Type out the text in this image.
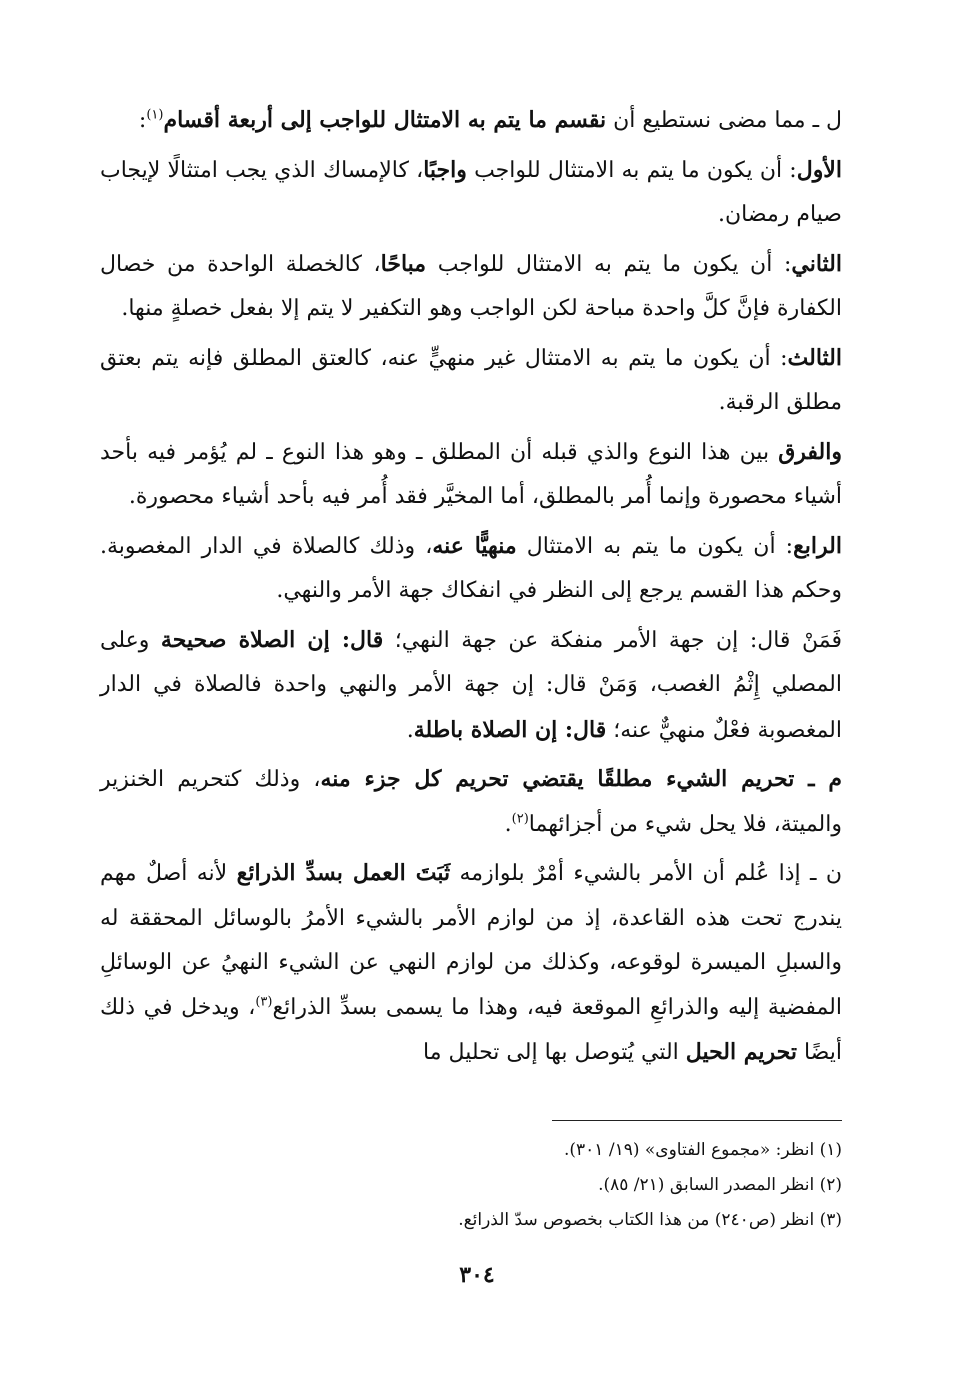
ل ـ مما مضى نستطيع أن نقسم ما يتم به الامتثال للواجب إلى أربعة أقسام$^{(١)}$:

الأول: أن يكون ما يتم به الامتثال للواجب واجبًا، كالإمساك الذي يجب امتثالًا لإيجاب صيام رمضان.

الثاني: أن يكون ما يتم به الامتثال للواجب مباحًا، كالخصلة الواحدة من خصال الكفارة فإنَّ كلَّ واحدة مباحة لكن الواجب وهو التكفير لا يتم إلا بفعل خصلةٍ منها.

الثالث: أن يكون ما يتم به الامتثال غير منهيٍّ عنه، كالعتق المطلق فإنه يتم بعتق مطلق الرقبة.

والفرق بين هذا النوع والذي قبله أن المطلق ـ وهو هذا النوع ـ لم يُؤمر فيه بأحد أشياء محصورة وإنما أُمر بالمطلق، أما المخيَّر فقد أُمر فيه بأحد أشياء محصورة.

الرابع: أن يكون ما يتم به الامتثال منهيًّا عنه، وذلك كالصلاة في الدار المغصوبة. وحكم هذا القسم يرجع إلى النظر في انفكاك جهة الأمر والنهي.

فَمَنْ قال: إن جهة الأمر منفكة عن جهة النهي؛ قال: إن الصلاة صحيحة وعلى المصلي إِثْمُ الغصب، وَمَنْ قال: إن جهة الأمر والنهي واحدة فالصلاة في الدار المغصوبة فعْلٌ منهيٌّ عنه؛ قال: إن الصلاة باطلة.

م ـ تحريم الشيء مطلقًا يقتضي تحريم كل جزء منه، وذلك كتحريم الخنزير والميتة، فلا يحل شيء من أجزائهما$^{(٢)}$.

ن ـ إذا عُلم أن الأمر بالشيء أمْرٌ بلوازمه ثَبَتَ العمل بسدِّ الذرائع لأنه أصلٌ مهم يندرج تحت هذه القاعدة، إذ من لوازم الأمر بالشيء الأمرُ بالوسائل المحققة له والسبلِ الميسرة لوقوعه، وكذلك من لوازم النهي عن الشيء النهيُ عن الوسائلِ المفضية إليه والذرائعِ الموقعة فيه، وهذا ما يسمى بسدِّ الذرائع$^{(٣)}$، ويدخل في ذلك أيضًا تحريم الحيل التي يُتوصل بها إلى تحليل ما

(١) انظر: «مجموع الفتاوى» (١٩/ ٣٠١).

(٢) انظر المصدر السابق (٢١/ ٨٥).

(٣) انظر (ص٢٤٠) من هذا الكتاب بخصوص سدّ الذرائع.

٣٠٤
